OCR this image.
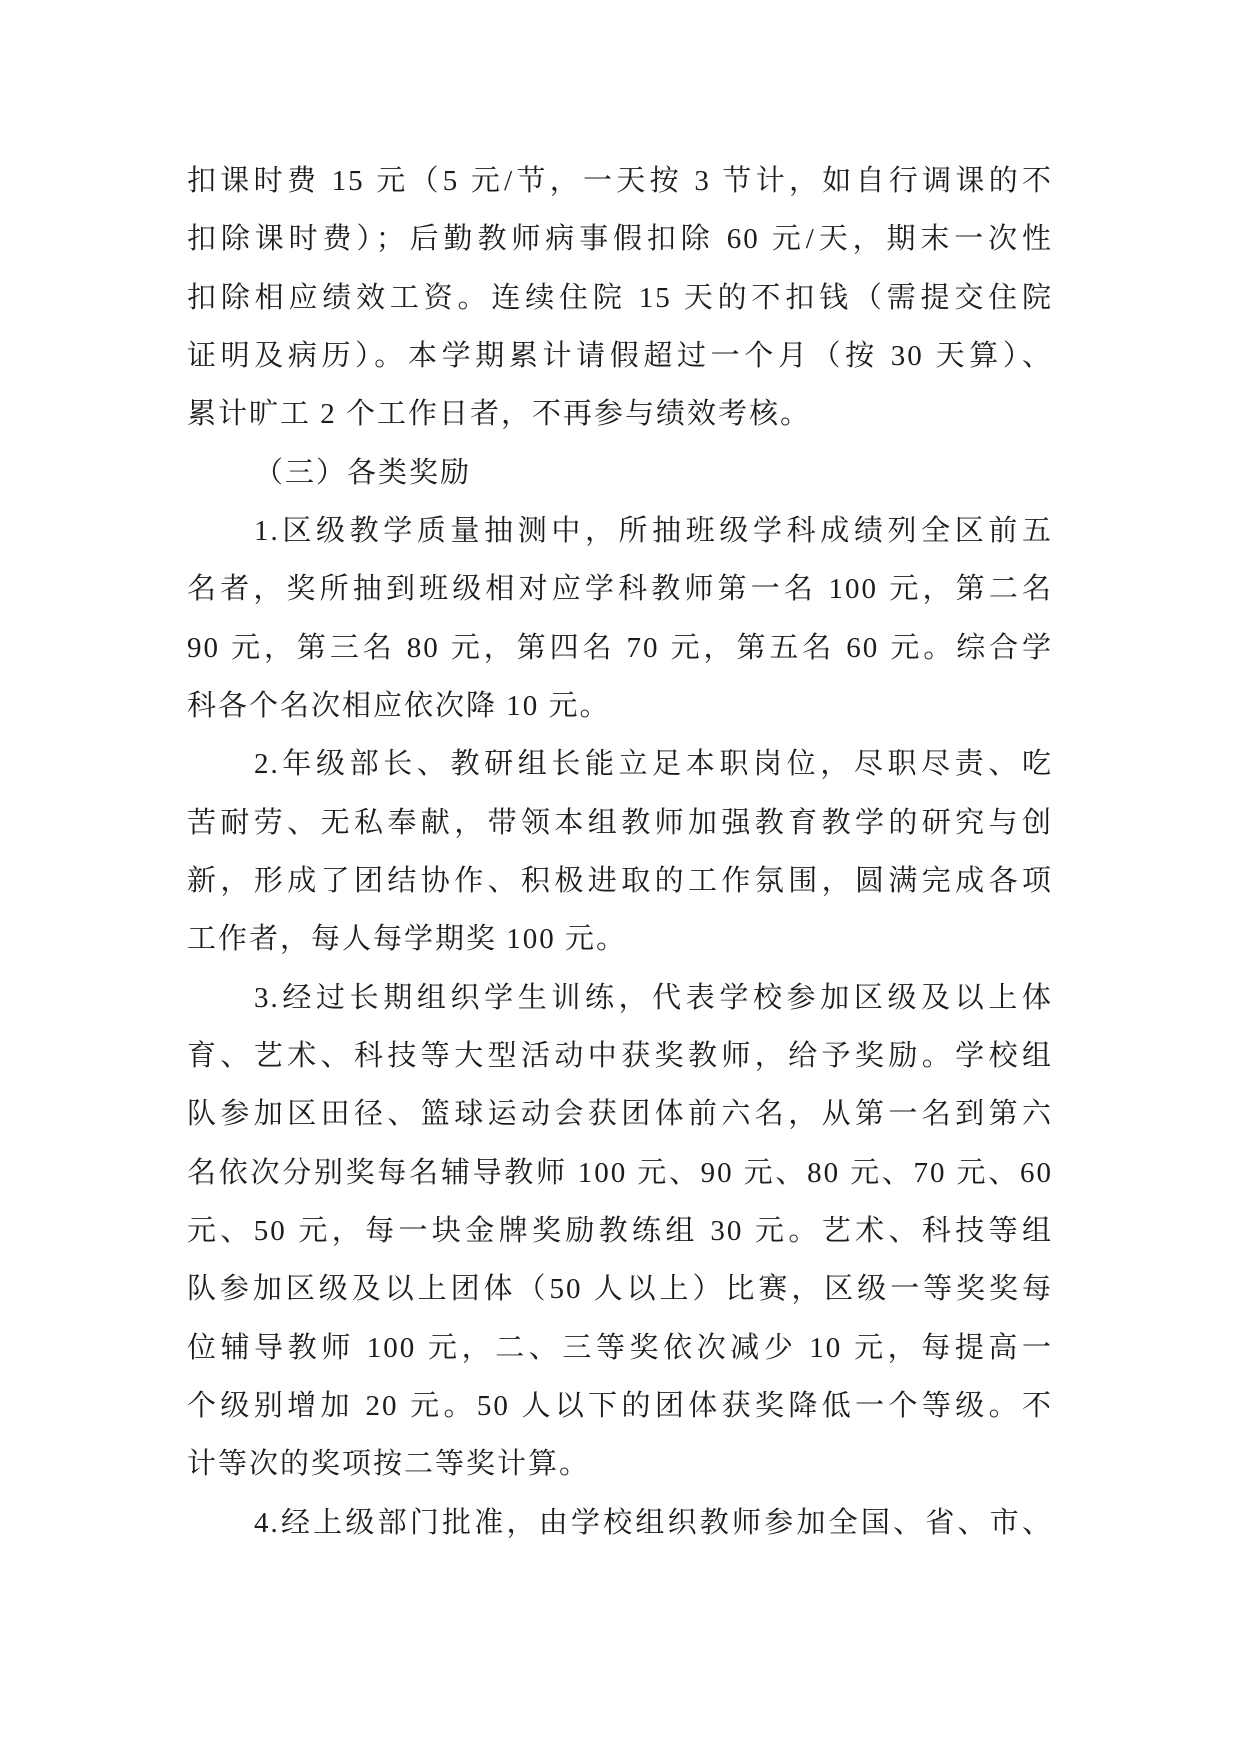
扣课时费 15 元（5 元/节，一天按 3 节计，如自行调课的不
扣除课时费）；后勤教师病事假扣除 60 元/天，期末一次性
扣除相应绩效工资。连续住院 15 天的不扣钱（需提交住院
证明及病历）。本学期累计请假超过一个月（按 30 天算）、
累计旷工 2 个工作日者，不再参与绩效考核。
（三）各类奖励
1.区级教学质量抽测中，所抽班级学科成绩列全区前五
名者，奖所抽到班级相对应学科教师第一名 100 元，第二名
90 元，第三名 80 元，第四名 70 元，第五名 60 元。综合学
科各个名次相应依次降 10 元。
2.年级部长、教研组长能立足本职岗位，尽职尽责、吃
苦耐劳、无私奉献，带领本组教师加强教育教学的研究与创
新，形成了团结协作、积极进取的工作氛围，圆满完成各项
工作者，每人每学期奖 100 元。
3.经过长期组织学生训练，代表学校参加区级及以上体
育、艺术、科技等大型活动中获奖教师，给予奖励。学校组
队参加区田径、篮球运动会获团体前六名，从第一名到第六
名依次分别奖每名辅导教师 100 元、90 元、80 元、70 元、60
元、50 元，每一块金牌奖励教练组 30 元。艺术、科技等组
队参加区级及以上团体（50 人以上）比赛，区级一等奖奖每
位辅导教师 100 元，二、三等奖依次减少 10 元，每提高一
个级别增加 20 元。50 人以下的团体获奖降低一个等级。不
计等次的奖项按二等奖计算。
4.经上级部门批准，由学校组织教师参加全国、省、市、
